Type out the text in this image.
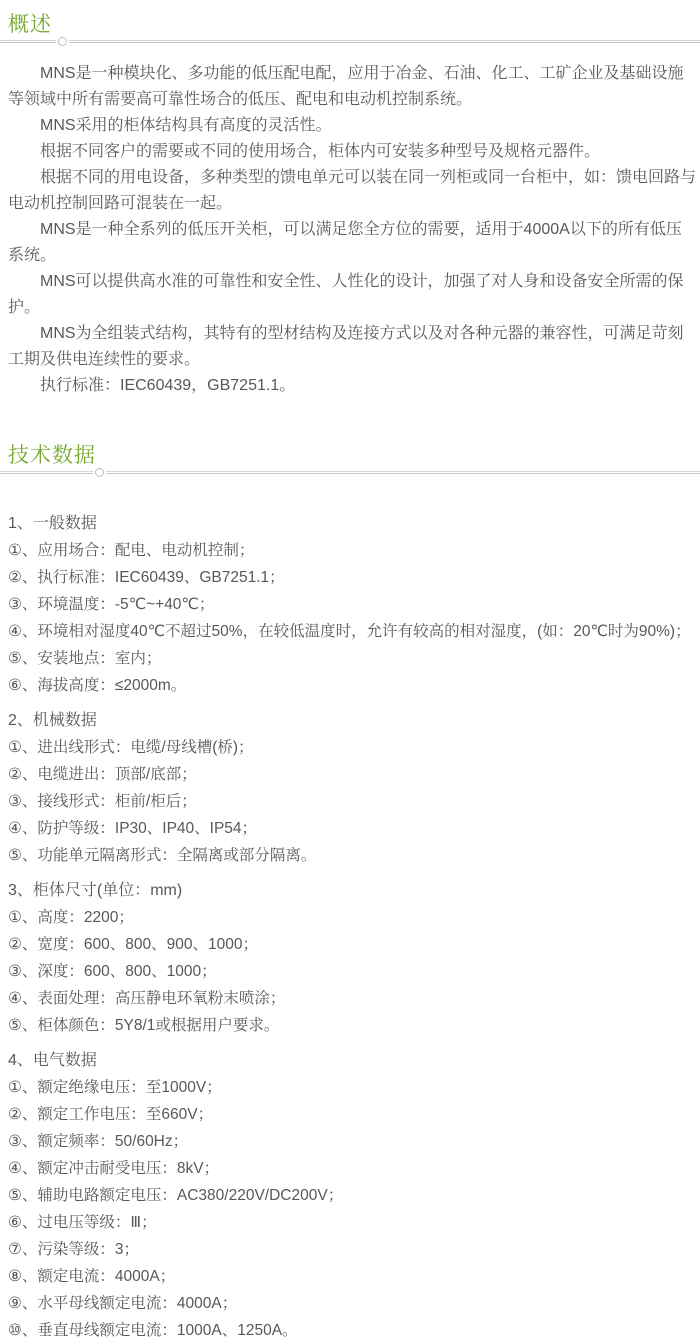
概述

MNS是一种模块化、多功能的低压配电配，应用于冶金、石油、化工、工矿企业及基础设施等领域中所有需要高可靠性场合的低压、配电和电动机控制系统。

MNS采用的柜体结构具有高度的灵活性。

根据不同客户的需要或不同的使用场合，柜体内可安装多种型号及规格元器件。

根据不同的用电设备，多种类型的馈电单元可以装在同一列柜或同一台柜中，如：馈电回路与电动机控制回路可混装在一起。

MNS是一种全系列的低压开关柜，可以满足您全方位的需要，适用于4000A以下的所有低压系统。

MNS可以提供高水准的可靠性和安全性、人性化的设计，加强了对人身和设备安全所需的保护。

MNS为全组装式结构，其特有的型材结构及连接方式以及对各种元器的兼容性，可满足苛刻工期及供电连续性的要求。

执行标准：IEC60439，GB7251.1。

技术数据
1、一般数据
①、应用场合：配电、电动机控制；
②、执行标准：IEC60439、GB7251.1；
③、环境温度：-5℃~+40℃；
④、环境相对湿度40℃不超过50%，在较低温度时，允许有较高的相对湿度，(如：20℃时为90%)；
⑤、安装地点：室内；
⑥、海拔高度：≤2000m。
2、机械数据
①、进出线形式：电缆/母线槽(桥)；
②、电缆进出：顶部/底部；
③、接线形式：柜前/柜后；
④、防护等级：IP30、IP40、IP54；
⑤、功能单元隔离形式：全隔离或部分隔离。
3、柜体尺寸(单位：mm)
①、高度：2200；
②、宽度：600、800、900、1000；
③、深度：600、800、1000；
④、表面处理：高压静电环氧粉末喷涂；
⑤、柜体颜色：5Y8/1或根据用户要求。
4、电气数据
①、额定绝缘电压：至1000V；
②、额定工作电压：至660V；
③、额定频率：50/60Hz；
④、额定冲击耐受电压：8kV；
⑤、辅助电路额定电压：AC380/220V/DC200V；
⑥、过电压等级：Ⅲ；
⑦、污染等级：3；
⑧、额定电流：4000A；
⑨、水平母线额定电流：4000A；
⑩、垂直母线额定电流：1000A、1250A。
